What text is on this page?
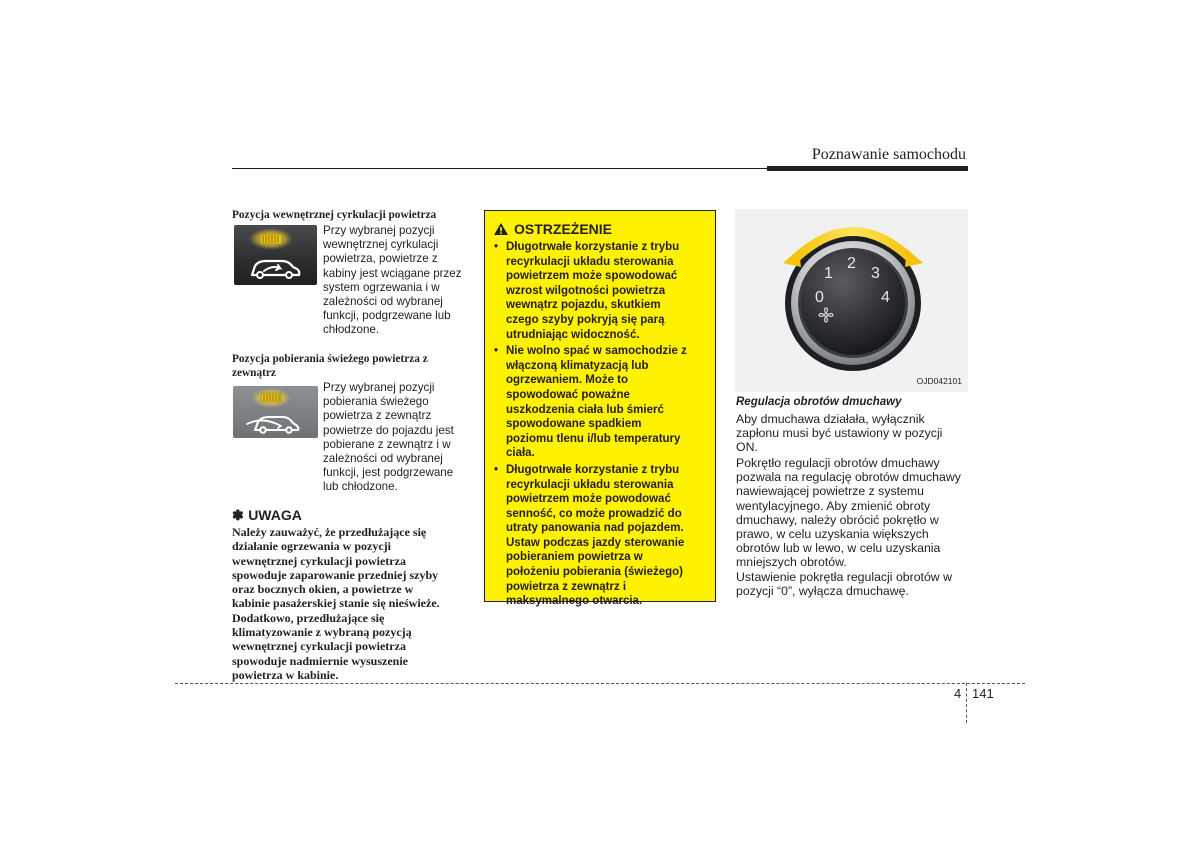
Poznawanie samochodu
Pozycja wewnętrznej cyrkulacji powietrza
Przy wybranej pozycji
wewnętrznej cyrkulacji
powietrza, powietrze z
kabiny jest wciągane przez
system ogrzewania i w
zależności od wybranej
funkcji, podgrzewane lub
chłodzone.
Pozycja pobierania świeżego powietrza z
zewnątrz
Przy wybranej pozycji
pobierania świeżego
powietrza z zewnątrz
powietrze do pojazdu jest
pobierane z zewnątrz i w
zależności od wybranej
funkcji, jest podgrzewane
lub chłodzone.
✽ UWAGA
Należy zauważyć, że przedłużające się
działanie ogrzewania w pozycji
wewnętrznej cyrkulacji powietrza
spowoduje zaparowanie przedniej szyby
oraz bocznych okien, a powietrze w
kabinie pasażerskiej stanie się nieświeże.
Dodatkowo, przedłużające się
klimatyzowanie z wybraną pozycją
wewnętrznej cyrkulacji powietrza
spowoduje nadmiernie wysuszenie
powietrza w kabinie.
OSTRZEŻENIE
• Długotrwałe korzystanie z trybu
recyrkulacji układu sterowania
powietrzem może spowodować
wzrost wilgotności powietrza
wewnątrz pojazdu, skutkiem
czego szyby pokryją się parą
utrudniając widoczność.
• Nie wolno spać w samochodzie z
włączoną klimatyzacją lub
ogrzewaniem. Może to
spowodować poważne
uszkodzenia ciała lub śmierć
spowodowane spadkiem
poziomu tlenu i/lub temperatury
ciała.
• Długotrwałe korzystanie z trybu
recyrkulacji układu sterowania
powietrzem może powodować
senność, co może prowadzić do
utraty panowania nad pojazdem.
Ustaw podczas jazdy sterowanie
pobieraniem powietrza w
położeniu pobierania (świeżego)
powietrza z zewnątrz i
maksymalnego otwarcia.
0
1
2
3
4
OJD042101
Regulacja obrotów dmuchawy
Aby dmuchawa działała, wyłącznik
zapłonu musi być ustawiony w pozycji
ON.
Pokrętło regulacji obrotów dmuchawy
pozwala na regulację obrotów dmuchawy
nawiewającej powietrze z systemu
wentylacyjnego. Aby zmienić obroty
dmuchawy, należy obrócić pokrętło w
prawo, w celu uzyskania większych
obrotów lub w lewo, w celu uzyskania
mniejszych obrotów.
Ustawienie pokrętła regulacji obrotów w
pozycji “0”, wyłącza dmuchawę.
4 141
